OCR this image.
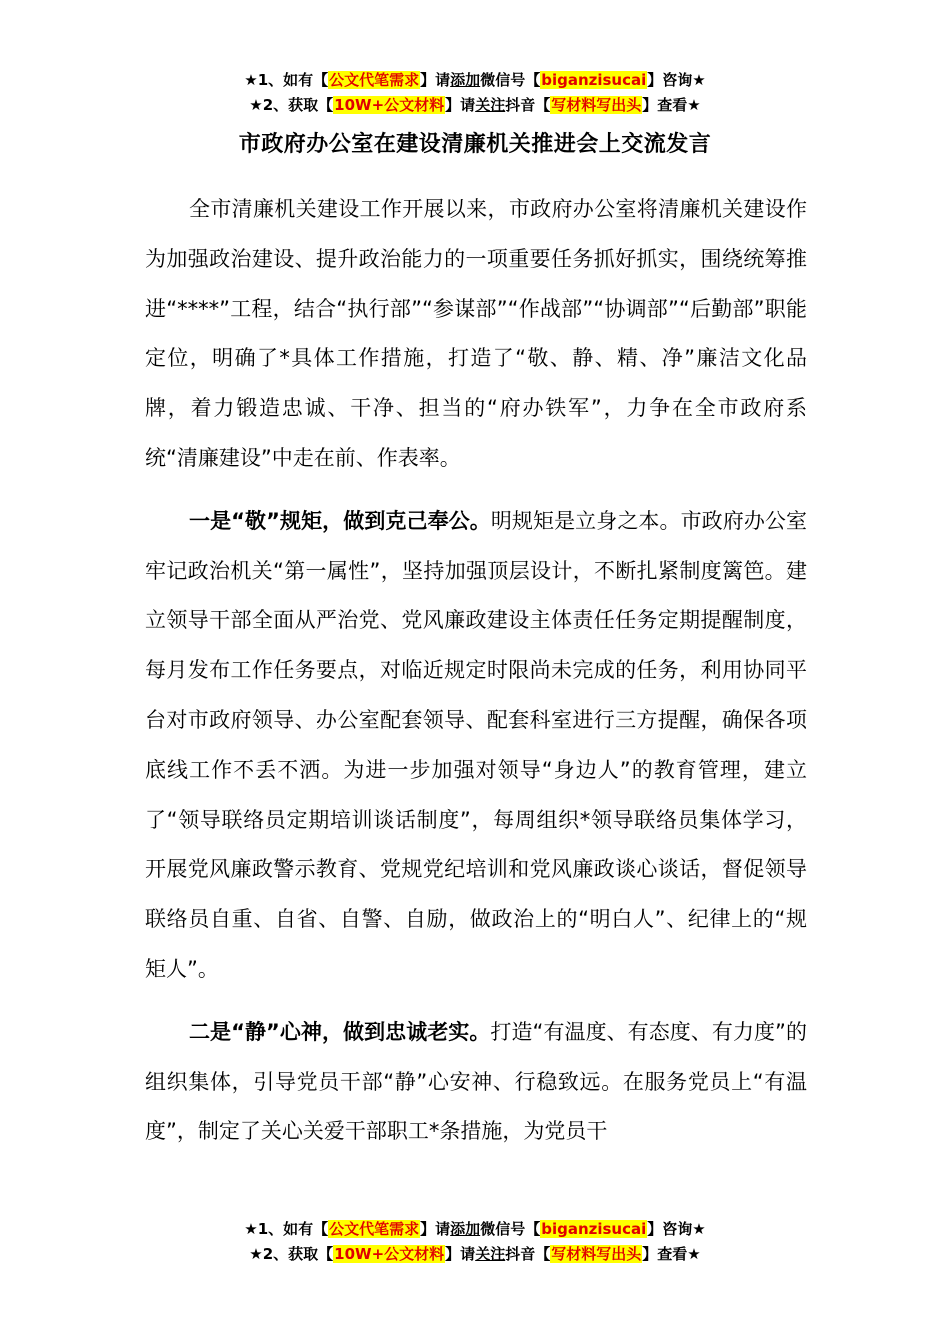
★1、如有【公文代笔需求】请添加微信号【biganzisucai】咨询★
★2、获取【10W+公文材料】请关注抖音【写材料写出头】查看★
市政府办公室在建设清廉机关推进会上交流发言

全市清廉机关建设工作开展以来，市政府办公室将清廉机关建设作为加强政治建设、提升政治能力的一项重要任务抓好抓实，围绕统筹推进“****”工程，结合“执行部”“参谋部”“作战部”“协调部”“后勤部”职能定位，明确了*具体工作措施，打造了“敬、静、精、净”廉洁文化品牌，着力锻造忠诚、干净、担当的“府办铁军”，力争在全市政府系统“清廉建设”中走在前、作表率。

一是“敬”规矩，做到克己奉公。明规矩是立身之本。市政府办公室牢记政治机关“第一属性”，坚持加强顶层设计，不断扎紧制度篱笆。建立领导干部全面从严治党、党风廉政建设主体责任任务定期提醒制度，每月发布工作任务要点，对临近规定时限尚未完成的任务，利用协同平台对市政府领导、办公室配套领导、配套科室进行三方提醒，确保各项底线工作不丢不洒。为进一步加强对领导“身边人”的教育管理，建立了“领导联络员定期培训谈话制度”，每周组织*领导联络员集体学习，开展党风廉政警示教育、党规党纪培训和党风廉政谈心谈话，督促领导联络员自重、自省、自警、自励，做政治上的“明白人”、纪律上的“规矩人”。

二是“静”心神，做到忠诚老实。打造“有温度、有态度、有力度”的组织集体，引导党员干部“静”心安神、行稳致远。在服务党员上“有温度”，制定了关心关爱干部职工*条措施，为党员干

★1、如有【公文代笔需求】请添加微信号【biganzisucai】咨询★
★2、获取【10W+公文材料】请关注抖音【写材料写出头】查看★
